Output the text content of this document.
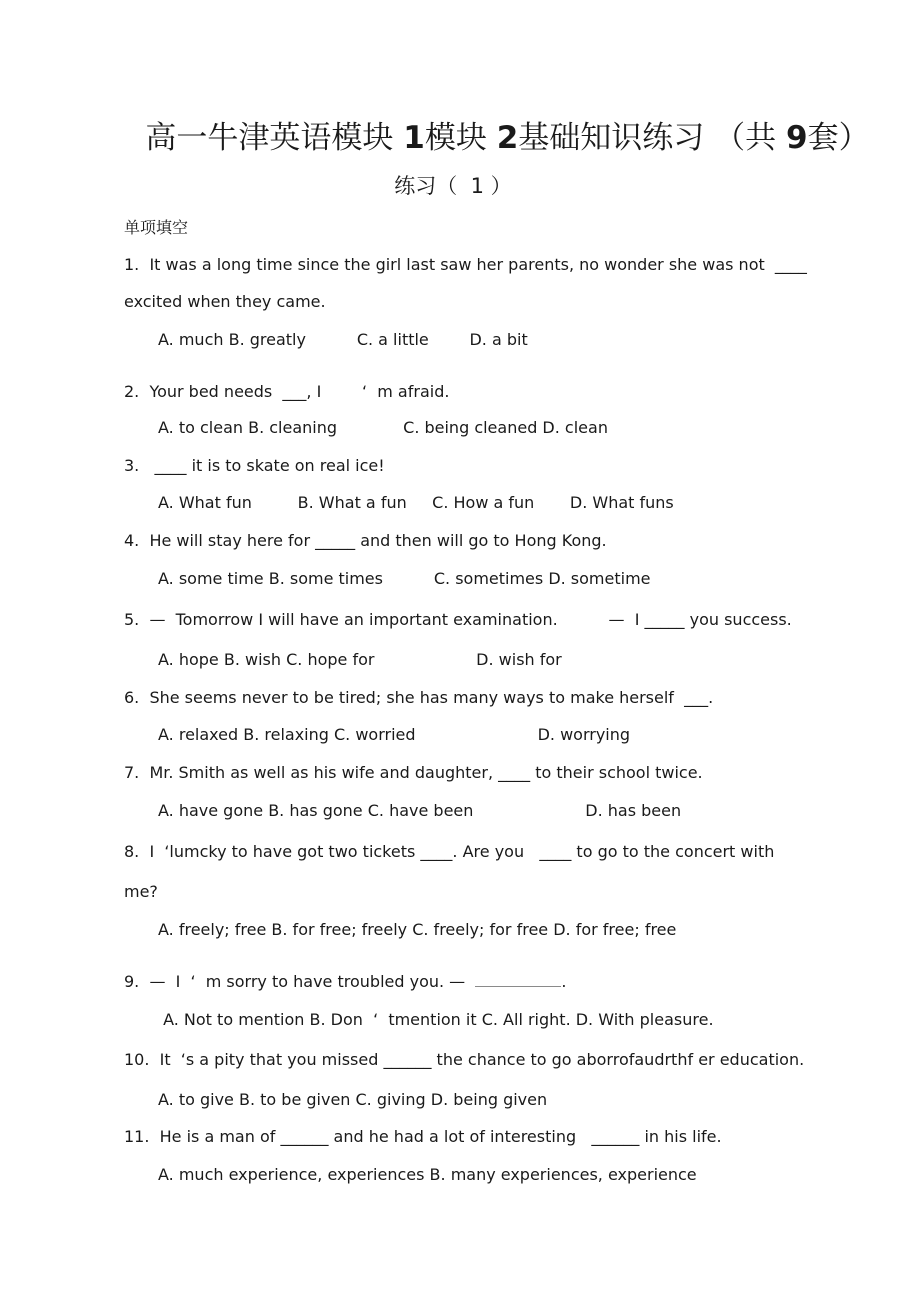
高一牛津英语模块 1模块 2基础知识练习 （共 9套）
练习（  1 ）
单项填空
1.  It was a long time since the girl last saw her parents, no wonder she was not  ____
excited when they came.
A. much B. greatly          C. a little        D. a bit
2.  Your bed needs  ___, I        ‘  m afraid.
A. to clean B. cleaning             C. being cleaned D. clean
3.   ____ it is to skate on real ice!
A. What fun         B. What a fun     C. How a fun       D. What funs
4.  He will stay here for _____ and then will go to Hong Kong.
A. some time B. some times          C. sometimes D. sometime
5.  —  Tomorrow I will have an important examination.          —  I _____ you success.
A. hope B. wish C. hope for                    D. wish for
6.  She seems never to be tired; she has many ways to make herself  ___.
A. relaxed B. relaxing C. worried                        D. worrying
7.  Mr. Smith as well as his wife and daughter, ____ to their school twice.
A. have gone B. has gone C. have been                      D. has been
8.  I  ‘lumcky to have got two tickets ____. Are you   ____ to go to the concert with
me?
A. freely; free B. for free; freely C. freely; for free D. for free; free
9.  —  I  ‘  m sorry to have troubled you. —	.
A. Not to mention B. Don  ‘  tmention it C. All right. D. With pleasure.
10.  It  ‘s a pity that you missed ______ the chance to go aborrofaudrthf er education.
A. to give B. to be given C. giving D. being given
11.  He is a man of ______ and he had a lot of interesting   ______ in his life.
A. much experience, experiences B. many experiences, experience
